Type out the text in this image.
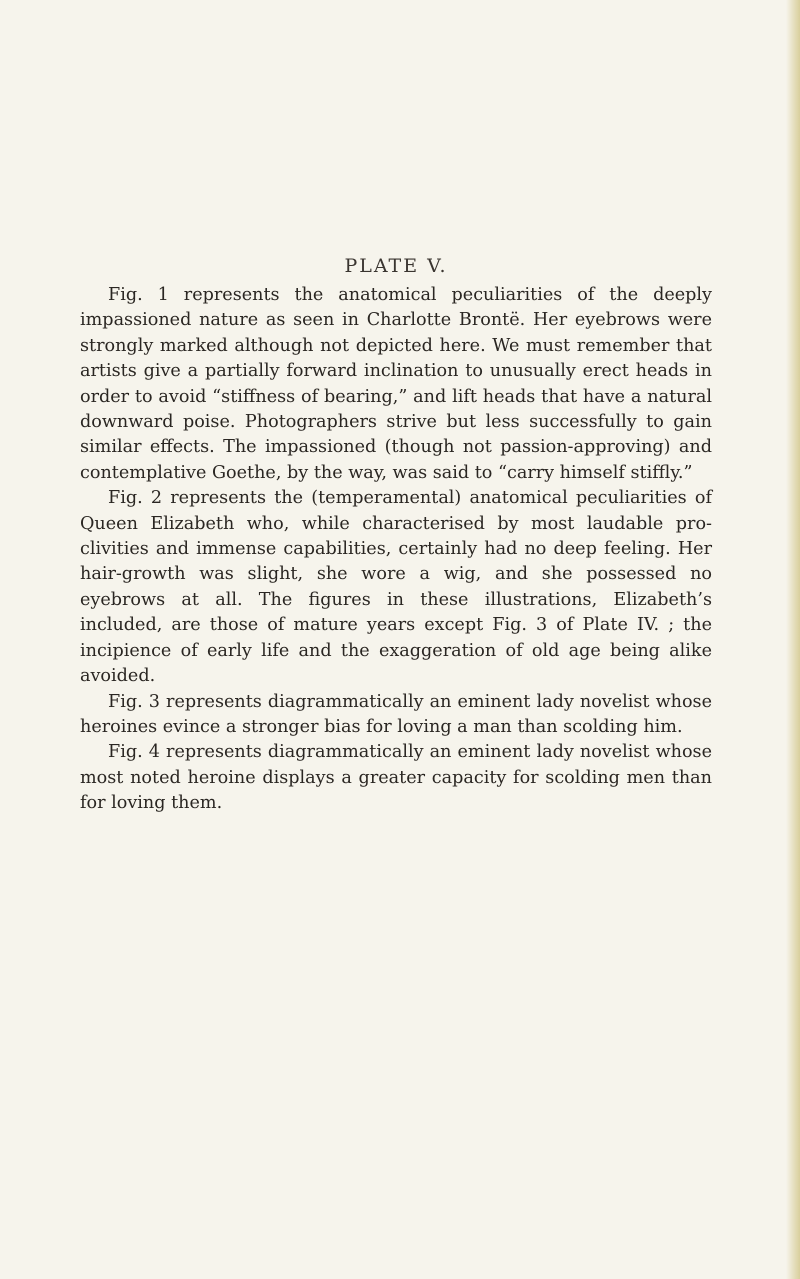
PLATE V.

Fig. 1 represents the anatomical peculiarities of the deeply impassioned nature as seen in Charlotte Brontë. Her eyebrows were strongly marked although not depicted here. We must remember that artists give a partially forward inclination to unusually erect heads in order to avoid “stiffness of bearing,” and lift heads that have a natural downward poise. Photographers strive but less successfully to gain similar effects. The impassioned (though not passion-approving) and contemplative Goethe, by the way, was said to “carry himself stiffly.”

Fig. 2 represents the (temperamental) anatomical peculiarities of Queen Elizabeth who, while characterised by most laudable proclivities and immense capabilities, certainly had no deep feeling. Her hair-growth was slight, she wore a wig, and she possessed no eyebrows at all. The figures in these illustrations, Elizabeth’s included, are those of mature years except Fig. 3 of Plate IV. ; the incipience of early life and the exaggeration of old age being alike avoided.

Fig. 3 represents diagrammatically an eminent lady novelist whose heroines evince a stronger bias for loving a man than scolding him.

Fig. 4 represents diagrammatically an eminent lady novelist whose most noted heroine displays a greater capacity for scolding men than for loving them.
